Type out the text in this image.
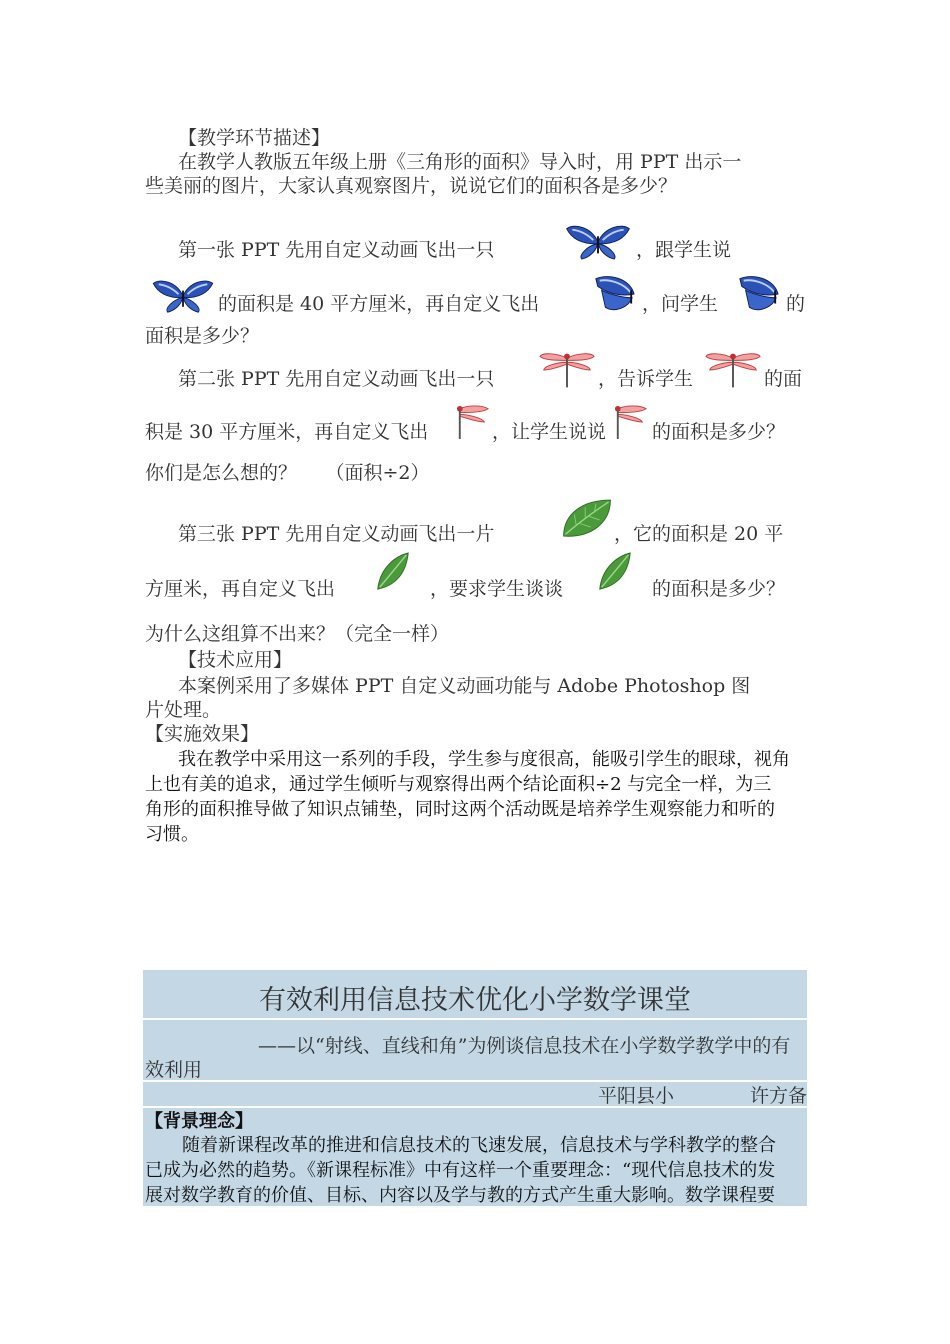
【教学环节描述】
在教学人教版五年级上册《三角形的面积》导入时，用 PPT 出示一
些美丽的图片，大家认真观察图片，说说它们的面积各是多少？
第一张 PPT 先用自定义动画飞出一只	，跟学生说
的面积是 40 平方厘米，再自定义飞出	，问学生	的
面积是多少？
第二张 PPT 先用自定义动画飞出一只	，告诉学生	的面
积是 30 平方厘米，再自定义飞出	，让学生说说 的面积是多少？
你们是怎么想的？　　（面积÷2）
第三张 PPT 先用自定义动画飞出一片	，它的面积是 20 平
方厘米，再自定义飞出	，要求学生谈谈	的面积是多少？
为什么这组算不出来？（完全一样）
【技术应用】
本案例采用了多媒体 PPT 自定义动画功能与 Adobe Photoshop 图
片处理。
【实施效果】
我在教学中采用这一系列的手段，学生参与度很高，能吸引学生的眼球，视角
上也有美的追求，通过学生倾听与观察得出两个结论面积÷2 与完全一样，为三
角形的面积推导做了知识点铺垫，同时这两个活动既是培养学生观察能力和听的
习惯。
有效利用信息技术优化小学数学课堂
——以“射线、直线和角”为例谈信息技术在小学数学教学中的有
效利用
平阳县小	许方备
【背景理念】
随着新课程改革的推进和信息技术的飞速发展，信息技术与学科教学的整合
已成为必然的趋势。《新课程标准》中有这样一个重要理念：“现代信息技术的发
展对数学教育的价值、目标、内容以及学与教的方式产生重大影响。数学课程要
